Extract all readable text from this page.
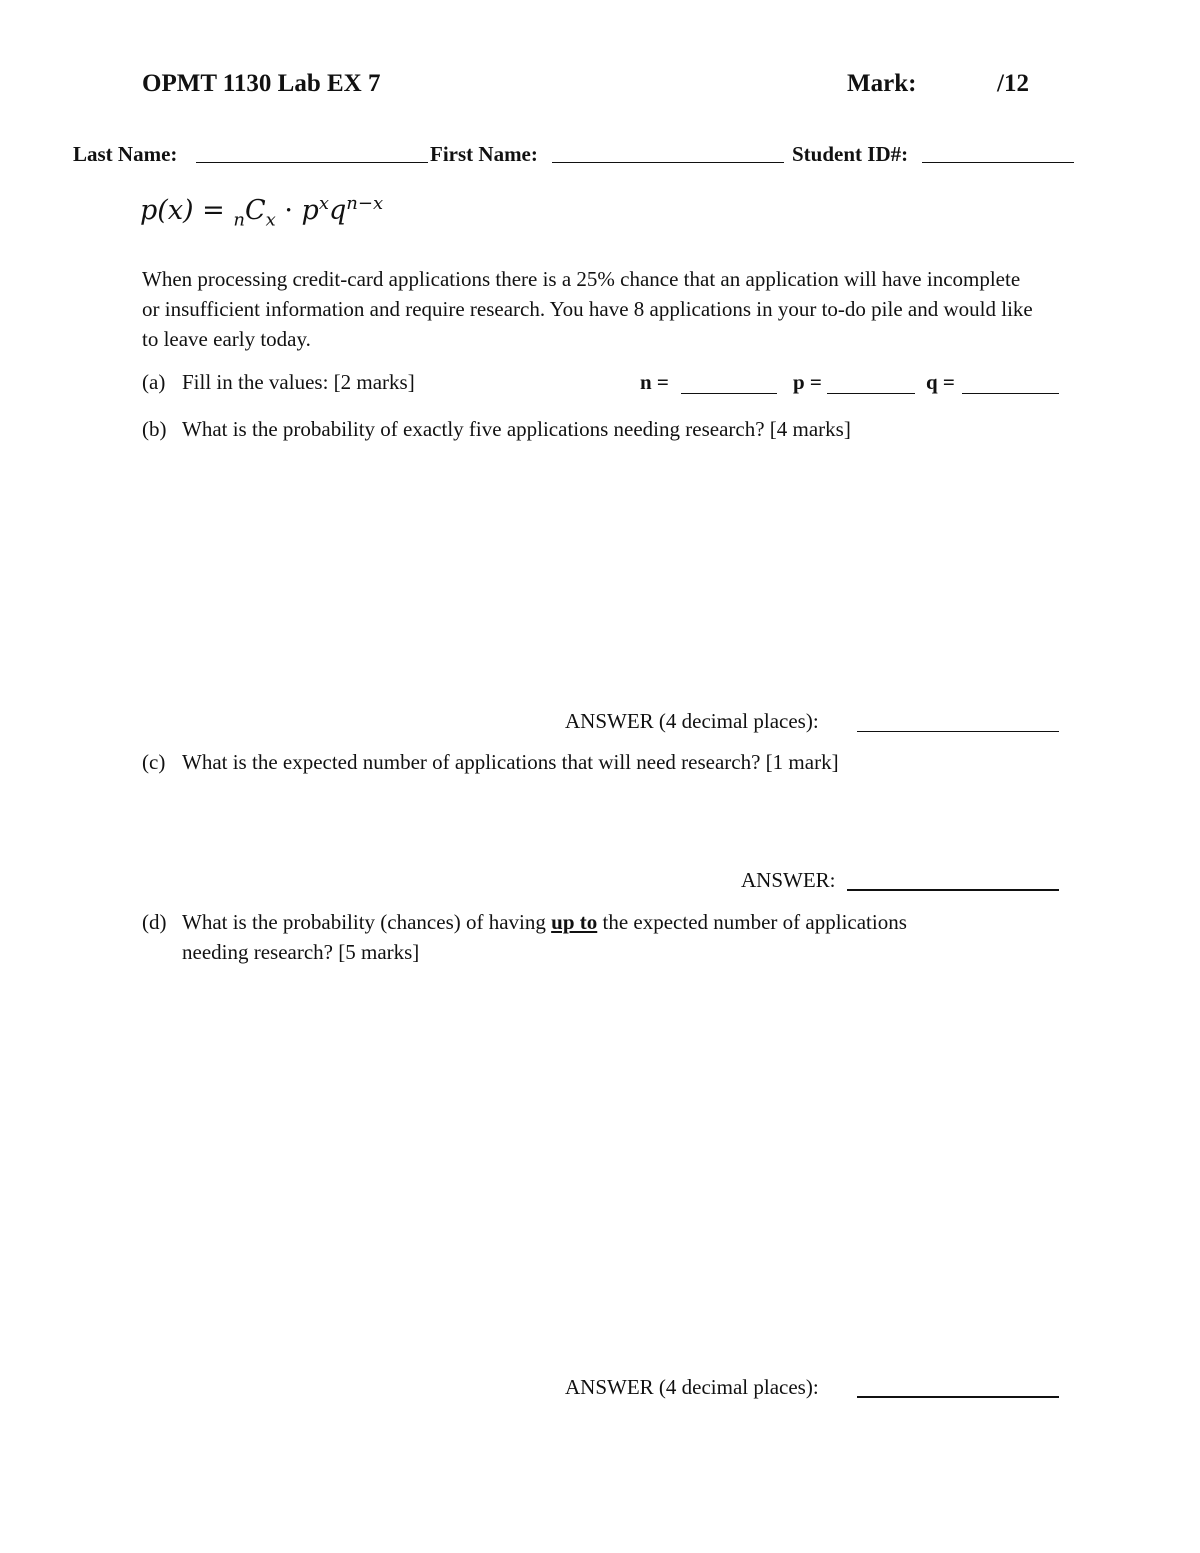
OPMT 1130 Lab EX 7	Mark:	/12
Last Name:	First Name:	Student ID#:
$p(x) = _nC_x \cdot p^xq^{n-x}$
When processing credit-card applications there is a 25% chance that an application will have incomplete or insufficient information and require research. You have 8 applications in your to-do pile and would like to leave early today.
(a) Fill in the values: [2 marks]	n =	p =	q =
(b) What is the probability of exactly five applications needing research? [4 marks]
ANSWER (4 decimal places):
(c) What is the expected number of applications that will need research? [1 mark]
ANSWER:
(d) What is the probability (chances) of having up to the expected number of applications
needing research? [5 marks]
ANSWER (4 decimal places):
